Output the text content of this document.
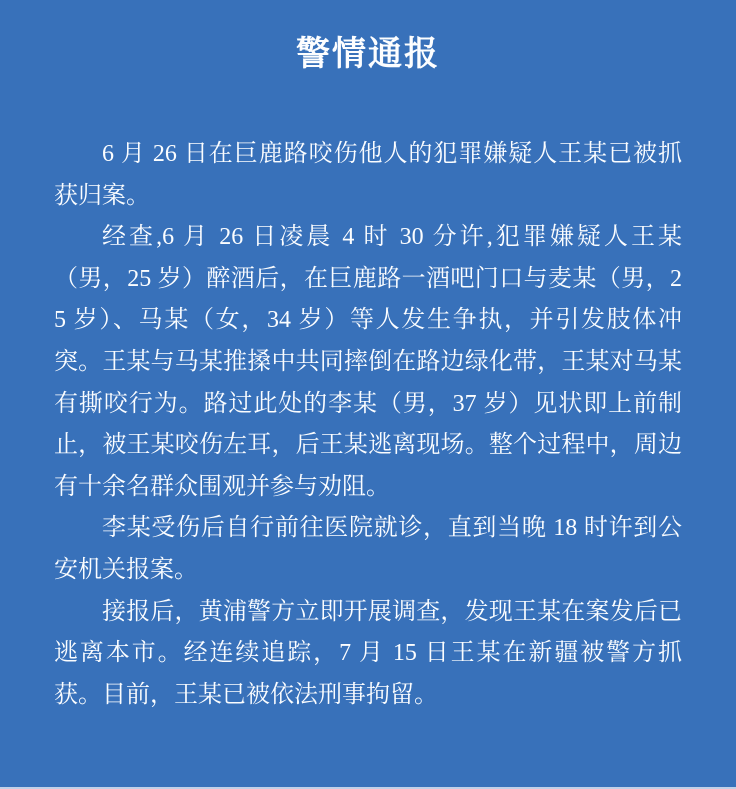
警情通报

6 月 26 日在巨鹿路咬伤他人的犯罪嫌疑人王某已被抓获归案。

经查,6 月 26 日凌晨 4 时 30 分许,犯罪嫌疑人王某（男，25 岁）醉酒后，在巨鹿路一酒吧门口与麦某（男，25 岁）、马某（女，34 岁）等人发生争执，并引发肢体冲突。王某与马某推搡中共同摔倒在路边绿化带，王某对马某有撕咬行为。路过此处的李某（男，37 岁）见状即上前制止，被王某咬伤左耳，后王某逃离现场。整个过程中，周边有十余名群众围观并参与劝阻。

李某受伤后自行前往医院就诊，直到当晚 18 时许到公安机关报案。

接报后，黄浦警方立即开展调查，发现王某在案发后已逃离本市。经连续追踪，7 月 15 日王某在新疆被警方抓获。目前，王某已被依法刑事拘留。
